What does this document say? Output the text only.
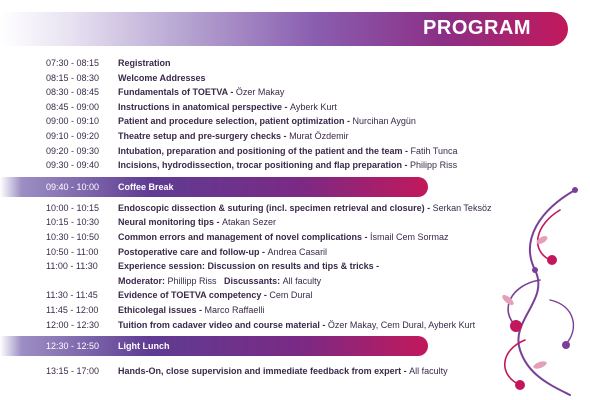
PROGRAM
07:30 - 08:15 Registration
08:15 - 08:30 Welcome Addresses
08:30 - 08:45 Fundamentals of TOETVA - Özer Makay
08:45 - 09:00 Instructions in anatomical perspective - Ayberk Kurt
09:00 - 09:10 Patient and procedure selection, patient optimization - Nurcihan Aygün
09:10 - 09:20 Theatre setup and pre-surgery checks - Murat Özdemir
09:20 - 09:30 Intubation, preparation and positioning of the patient and the team - Fatih Tunca
09:30 - 09:40 Incisions, hydrodissection, trocar positioning and flap preparation - Philipp Riss
09:40 - 10:00 Coffee Break
10:00 - 10:15 Endoscopic dissection & suturing (incl. specimen retrieval and closure) - Serkan Teksöz
10:15 - 10:30 Neural monitoring tips - Atakan Sezer
10:30 - 10:50 Common errors and management of novel complications - İsmail Cem Sormaz
10:50 - 11:00 Postoperative care and follow-up - Andrea Casaril
11:00 - 11:30 Experience session: Discussion on results and tips & tricks -
Moderator: Phillipp Riss Discussants: All faculty
11:30 - 11:45 Evidence of TOETVA competency - Cem Dural
11:45 - 12:00 Ethicolegal issues - Marco Raffaelli
12:00 - 12:30 Tuition from cadaver video and course material - Özer Makay, Cem Dural, Ayberk Kurt
12:30 - 12:50 Light Lunch
13:15 - 17:00 Hands-On, close supervision and immediate feedback from expert - All faculty
